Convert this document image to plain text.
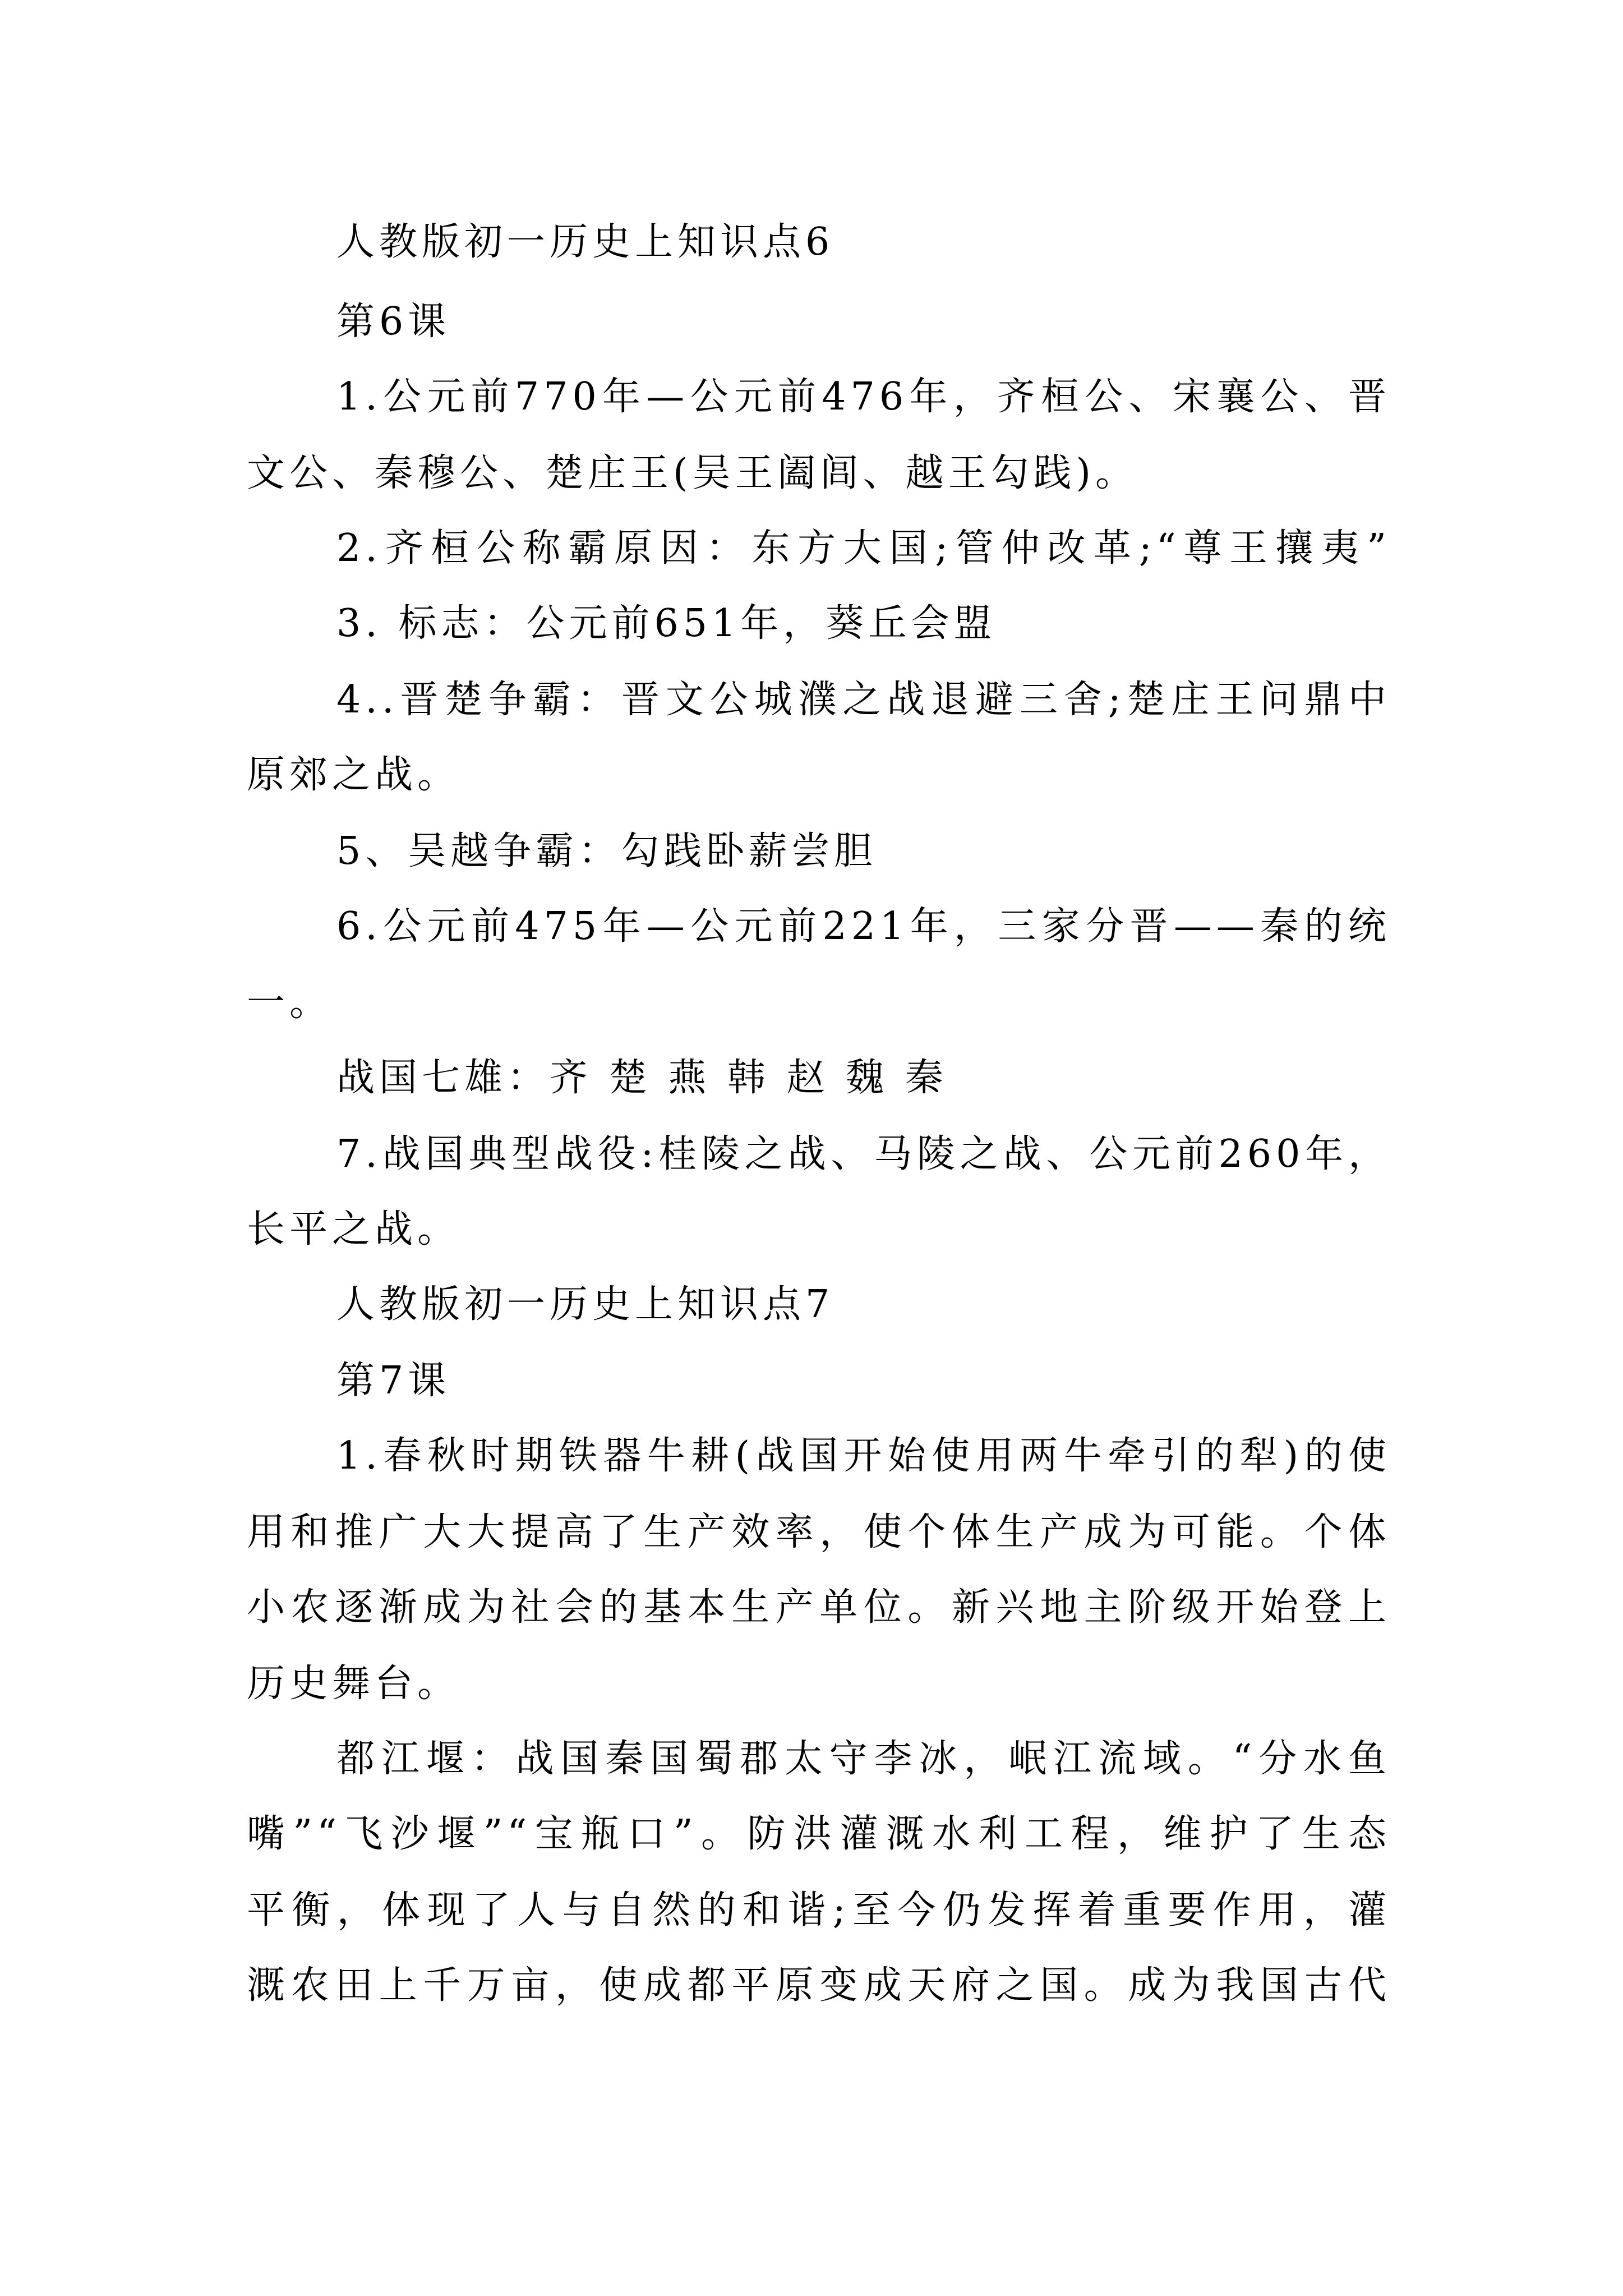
人教版初一历史上知识点6
第6课
1.公元前770年—公元前476年，齐桓公、宋襄公、晋
文公、秦穆公、楚庄王(吴王阖闾、越王勾践)。
2.齐桓公称霸原因：东方大国;管仲改革;“尊王攘夷”
3. 标志：公元前651年，葵丘会盟
4..晋楚争霸：晋文公城濮之战退避三舍;楚庄王问鼎中
原郊之战。
5、吴越争霸：勾践卧薪尝胆
6.公元前475年—公元前221年，三家分晋——秦的统
一。
战国七雄：齐 楚 燕 韩 赵 魏 秦
7.战国典型战役:桂陵之战、马陵之战、公元前260年，
长平之战。
人教版初一历史上知识点7
第7课
1.春秋时期铁器牛耕(战国开始使用两牛牵引的犁)的使
用和推广大大提高了生产效率，使个体生产成为可能。个体
小农逐渐成为社会的基本生产单位。新兴地主阶级开始登上
历史舞台。
都江堰：战国秦国蜀郡太守李冰，岷江流域。“分水鱼
嘴”“飞沙堰”“宝瓶口”。防洪灌溉水利工程，维护了生态
平衡，体现了人与自然的和谐;至今仍发挥着重要作用，灌
溉农田上千万亩，使成都平原变成天府之国。成为我国古代
